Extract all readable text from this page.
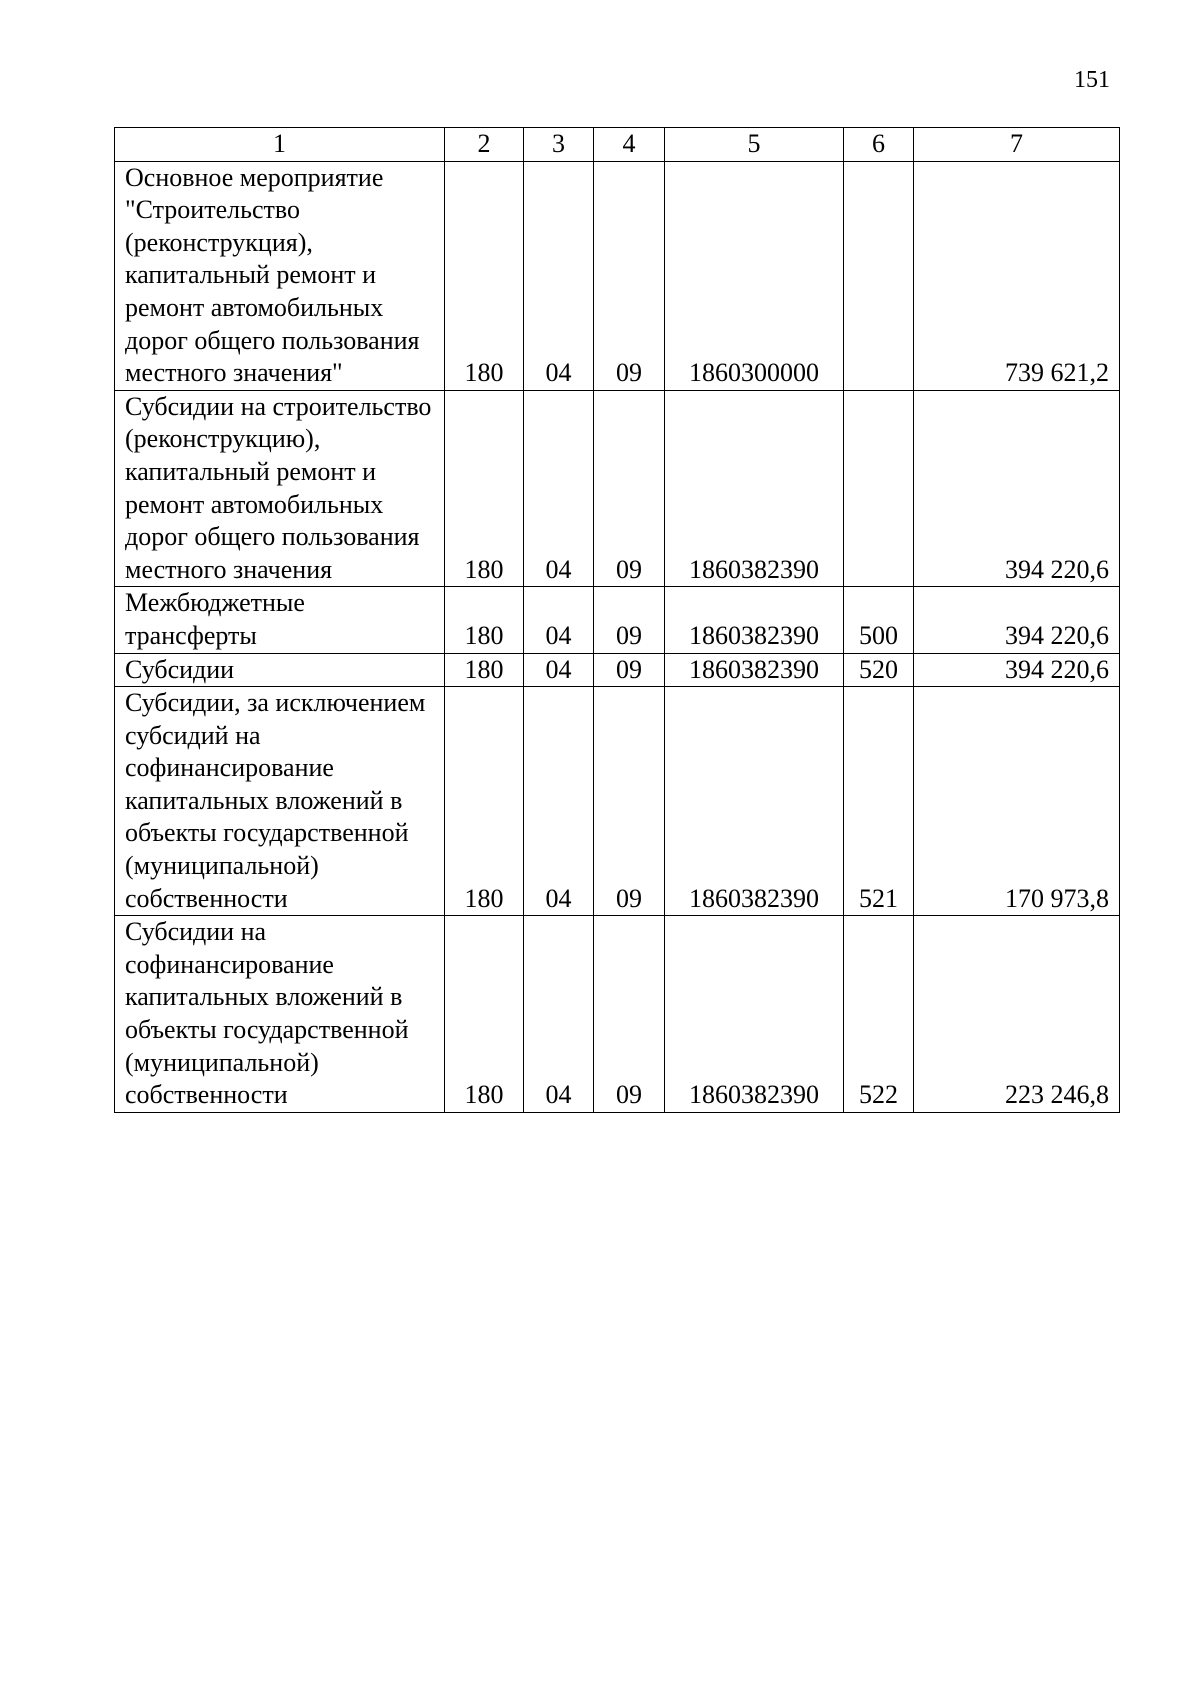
151
1	2	3	4	5	6	7
Основное мероприятие "Строительство (реконструкция), капитальный ремонт и ремонт автомобильных дорог общего пользования местного значения"	180	04	09	1860300000		739 621,2
Субсидии на строительство (реконструкцию), капитальный ремонт и ремонт автомобильных дорог общего пользования местного значения	180	04	09	1860382390		394 220,6
Межбюджетные трансферты	180	04	09	1860382390	500	394 220,6
Субсидии	180	04	09	1860382390	520	394 220,6
Субсидии, за исключением субсидий на софинансирование капитальных вложений в объекты государственной (муниципальной) собственности	180	04	09	1860382390	521	170 973,8
Субсидии на софинансирование капитальных вложений в объекты государственной (муниципальной) собственности	180	04	09	1860382390	522	223 246,8
